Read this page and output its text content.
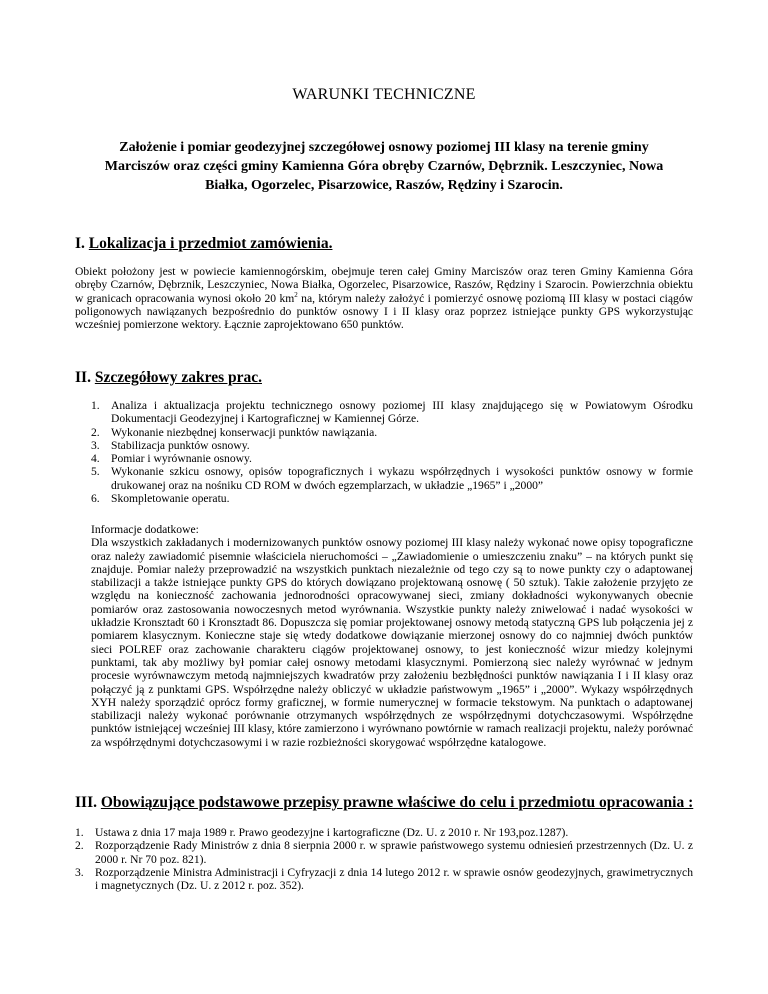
WARUNKI TECHNICZNE

Założenie i pomiar geodezyjnej szczegółowej osnowy poziomej III klasy na terenie gminy Marciszów oraz części gminy Kamienna Góra obręby Czarnów, Dębrznik. Leszczyniec, Nowa Białka, Ogorzelec, Pisarzowice, Raszów, Rędziny i Szarocin.

I. Lokalizacja i przedmiot zamówienia.

Obiekt położony jest w powiecie kamiennogórskim, obejmuje teren całej Gminy Marciszów oraz teren Gminy Kamienna Góra obręby Czarnów, Dębrznik, Leszczyniec, Nowa Białka, Ogorzelec, Pisarzowice, Raszów, Rędziny i Szarocin. Powierzchnia obiektu w granicach opracowania wynosi około 20 $km^2$ na, którym należy założyć i pomierzyć osnowę poziomą III klasy w postaci ciągów poligonowych nawiązanych bezpośrednio do punktów osnowy I i II klasy oraz poprzez istniejące punkty GPS wykorzystując wcześniej pomierzone wektory. Łącznie zaprojektowano 650 punktów.

II. Szczegółowy zakres prac.
1. Analiza i aktualizacja projektu technicznego osnowy poziomej III klasy znajdującego się w Powiatowym Ośrodku Dokumentacji Geodezyjnej i Kartograficznej w Kamiennej Górze.
2. Wykonanie niezbędnej konserwacji punktów nawiązania.
3. Stabilizacja punktów osnowy.
4. Pomiar i wyrównanie osnowy.
5. Wykonanie szkicu osnowy, opisów topograficznych i wykazu współrzędnych i wysokości punktów osnowy w formie drukowanej oraz na nośniku CD ROM w dwóch egzemplarzach, w układzie „1965” i „2000”
6. Skompletowanie operatu.

Informacje dodatkowe:

Dla wszystkich zakładanych i modernizowanych punktów osnowy poziomej III klasy należy wykonać nowe opisy topograficzne oraz należy zawiadomić pisemnie właściciela nieruchomości – „Zawiadomienie o umieszczeniu znaku” – na których punkt się znajduje. Pomiar należy przeprowadzić na wszystkich punktach niezależnie od tego czy są to nowe punkty czy o adaptowanej stabilizacji a także istniejące punkty GPS do których dowiązano projektowaną osnowę ( 50 sztuk). Takie założenie przyjęto ze względu na konieczność zachowania jednorodności opracowywanej sieci, zmiany dokładności wykonywanych obecnie pomiarów oraz zastosowania nowoczesnych metod wyrównania. Wszystkie punkty należy zniwelować i nadać wysokości w układzie Kronsztadt 60 i Kronsztadt 86. Dopuszcza się pomiar projektowanej osnowy metodą statyczną GPS lub połączenia jej z pomiarem klasycznym. Konieczne staje się wtedy dodatkowe dowiązanie mierzonej osnowy do co najmniej dwóch punktów sieci POLREF oraz zachowanie charakteru ciągów projektowanej osnowy, to jest konieczność wizur miedzy kolejnymi punktami, tak aby możliwy był pomiar całej osnowy metodami klasycznymi. Pomierzoną siec należy wyrównać w jednym procesie wyrównawczym metodą najmniejszych kwadratów przy założeniu bezbłędności punktów nawiązania I i II klasy oraz połączyć ją z punktami GPS. Współrzędne należy obliczyć w układzie państwowym „1965” i „2000”. Wykazy współrzędnych XYH należy sporządzić oprócz formy graficznej, w formie numerycznej w formacie tekstowym. Na punktach o adaptowanej stabilizacji należy wykonać porównanie otrzymanych współrzędnych ze współrzędnymi dotychczasowymi. Współrzędne punktów istniejącej wcześniej III klasy, które zamierzono i wyrównano powtórnie w ramach realizacji projektu, należy porównać za współrzędnymi dotychczasowymi i w razie rozbieżności skorygować współrzędne katalogowe.

III. Obowiązujące podstawowe przepisy prawne właściwe do celu i przedmiotu opracowania :
1. Ustawa z dnia 17 maja 1989 r. Prawo geodezyjne i kartograficzne (Dz. U. z 2010 r. Nr 193,poz.1287).
2. Rozporządzenie Rady Ministrów z dnia 8 sierpnia 2000 r. w sprawie państwowego systemu odniesień przestrzennych (Dz. U. z 2000 r. Nr 70 poz. 821).
3. Rozporządzenie Ministra Administracji i Cyfryzacji z dnia 14 lutego 2012 r. w sprawie osnów geodezyjnych, grawimetrycznych i magnetycznych (Dz. U. z 2012 r. poz. 352).
